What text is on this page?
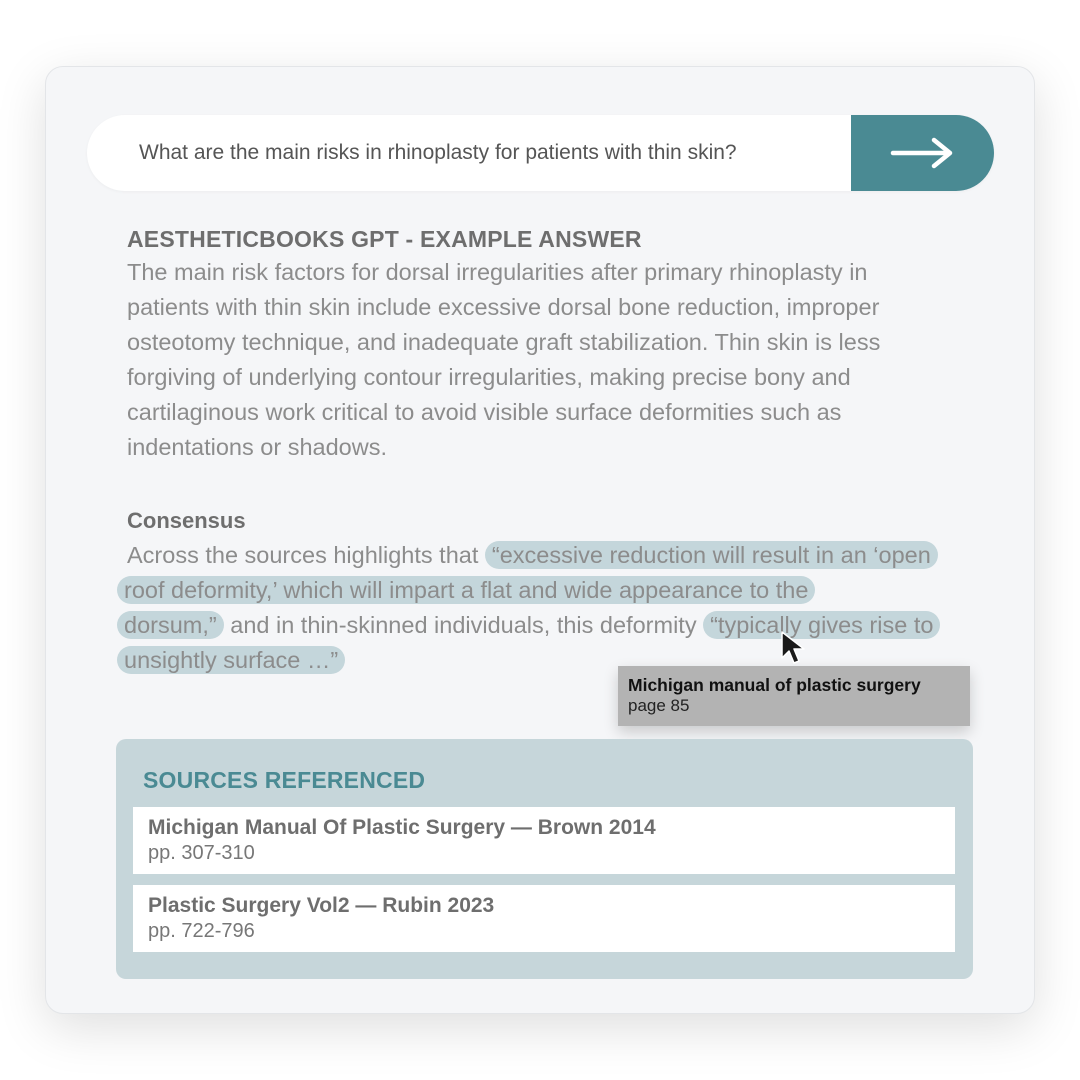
What are the main risks in rhinoplasty for patients with thin skin?
AESTHETICBOOKS GPT - EXAMPLE ANSWER
The main risk factors for dorsal irregularities after primary rhinoplasty in
patients with thin skin include excessive dorsal bone reduction, improper
osteotomy technique, and inadequate graft stabilization. Thin skin is less
forgiving of underlying contour irregularities, making precise bony and
cartilaginous work critical to avoid visible surface deformities such as
indentations or shadows.
Consensus
Across the sources highlights that “excessive reduction will result in an ‘open
roof deformity,’ which will impart a flat and wide appearance to the
dorsum,” and in thin-skinned individuals, this deformity “typically gives rise to
unsightly surface …”
Michigan manual of plastic surgery
page 85
SOURCES REFERENCED
Michigan Manual Of Plastic Surgery — Brown 2014
pp. 307-310
Plastic Surgery Vol2 — Rubin 2023
pp. 722-796
